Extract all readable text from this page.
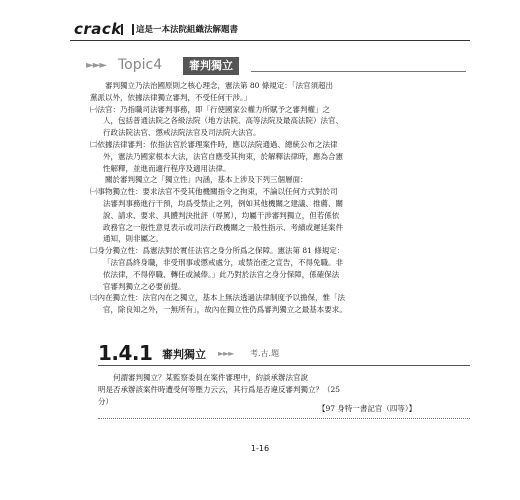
crack 這是一本法院組織法解題書
►►► Topic4	審判獨立
審判獨立乃法治國原則之核心理念，憲法第 80 條規定：「法官須超出
黨派以外，依據法律獨立審判，不受任何干涉。」
㈠法官：乃指職司法審判事務，即「行使國家公權力所賦予之審判權」之
人，包括普通法院之各級法院（地方法院、高等法院及最高法院）法官、
行政法院法官、懲戒法院法官及司法院大法官。
㈡依據法律審判：依指法官於審理案件時，應以法院通過、總統公布之法律
外，憲法乃國家根本大法，法官自應受其拘束，於解釋法律時，應為合憲
性解釋，並進而適行程序及適用法律。
關於審判獨立之「獨立性」內涵，基本上涉及下列三個層面：
㈠事物獨立性：要求法官不受其他機關指令之拘束，不論以任何方式對於司
法審判事務進行干預，均爲受禁止之列，例如其他機關之建議、推薦、關
說、請求、要求、具體判決批評（辱罵），均屬干涉審判獨立，但若係依
政務官之一般性意見表示或司法行政機關之一般性指示、考績或遲延案件
通知，則非屬之。
㈡身分獨立性：爲憲法對於實任法官之身分所爲之保障。憲法第 81 條規定：
「法官爲終身職，非受刑事或懲戒處分，或禁治產之宣告，不得免職。非
依法律，不得停職、轉任或減俸。」此乃對於法官之身分保障，係確保法
官審判獨立之必要前提。
㈢內在獨立性：法官內在之獨立，基本上無法透過法律制度予以擔保，惟「法
官，除良知之外，一無所有」，故內在獨立性仍爲審判獨立之最基本要求。
1.4.1 審判獨立 ►►► 考.古.題
何謂審判獨立？某監察委員在案件審理中，約談承辦法官說
明是否承辦該案件時遭受何等壓力云云，其行爲是否違反審判獨立？（25
分）
【97 身特一書記官（四等）】
1-16
